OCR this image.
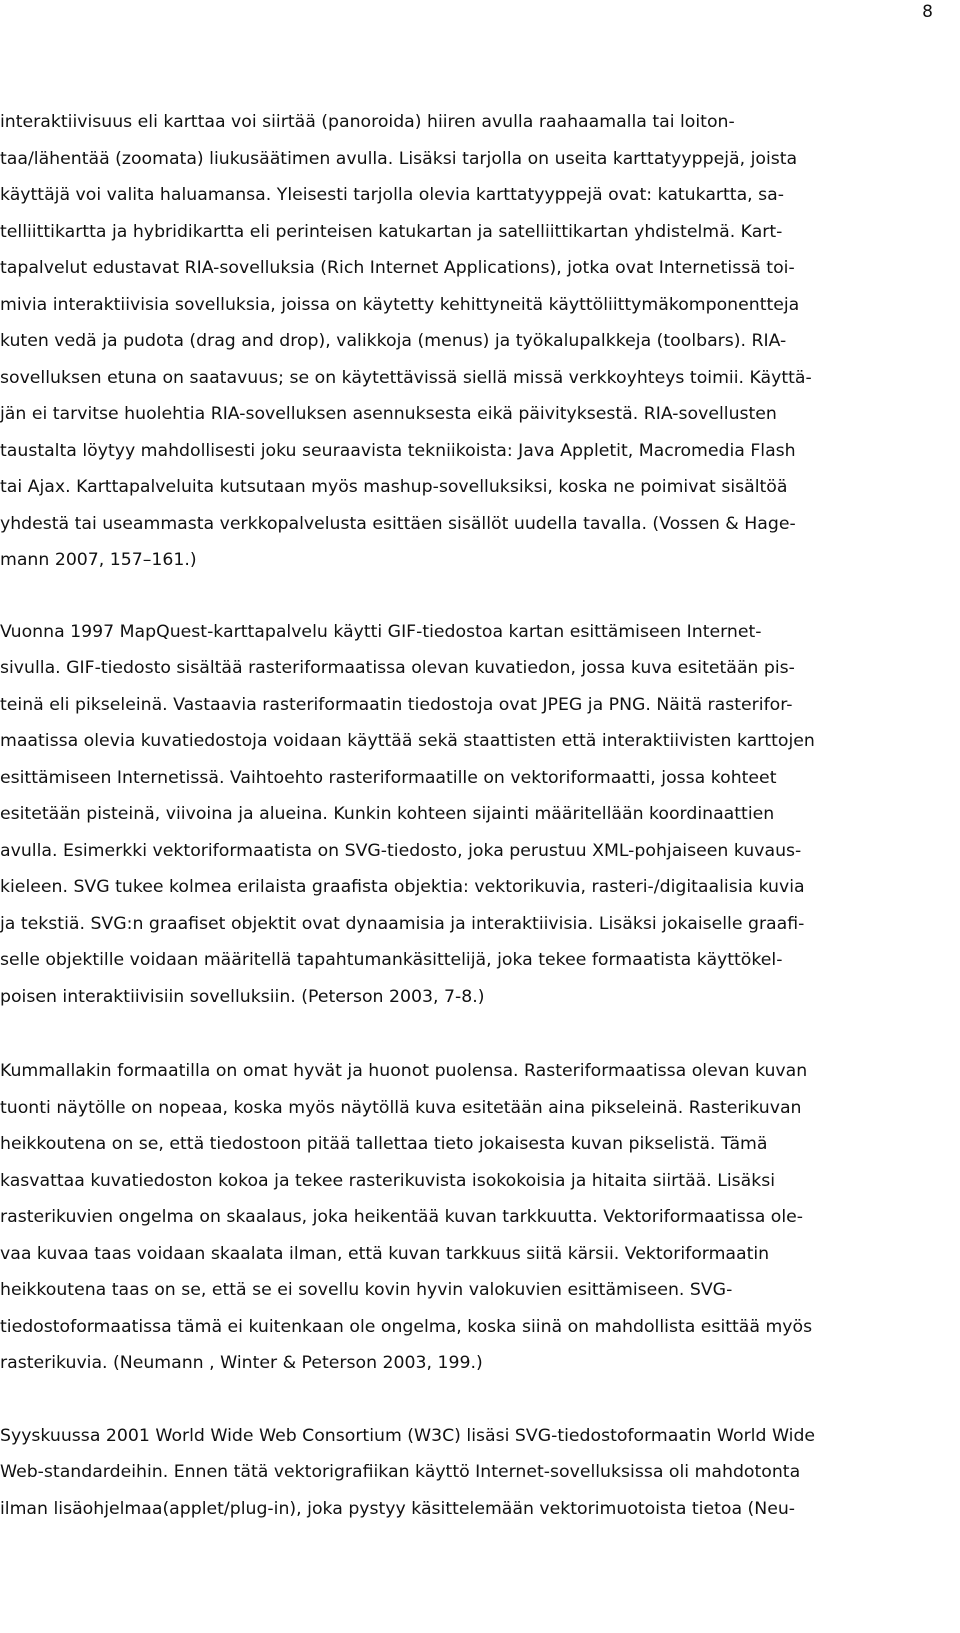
8

interaktiivisuus eli karttaa voi siirtää (panoroida) hiiren avulla raahaamalla tai loiton-
taa/lähentää (zoomata) liukusäätimen avulla. Lisäksi tarjolla on useita karttatyyppejä, joista
käyttäjä voi valita haluamansa. Yleisesti tarjolla olevia karttatyyppejä ovat: katukartta, sa-
telliittikartta ja hybridikartta eli perinteisen katukartan ja satelliittikartan yhdistelmä. Kart-
tapalvelut edustavat RIA-sovelluksia (Rich Internet Applications), jotka ovat Internetissä toi-
mivia interaktiivisia sovelluksia, joissa on käytetty kehittyneitä käyttöliittymäkomponentteja
kuten vedä ja pudota (drag and drop), valikkoja (menus) ja työkalupalkkeja (toolbars). RIA-
sovelluksen etuna on saatavuus; se on käytettävissä siellä missä verkkoyhteys toimii. Käyttä-
jän ei tarvitse huolehtia RIA-sovelluksen asennuksesta eikä päivityksestä. RIA-sovellusten
taustalta löytyy mahdollisesti joku seuraavista tekniikoista: Java Appletit, Macromedia Flash
tai Ajax. Karttapalveluita kutsutaan myös mashup-sovelluksiksi, koska ne poimivat sisältöä
yhdestä tai useammasta verkkopalvelusta esittäen sisällöt uudella tavalla. (Vossen & Hage-
mann 2007, 157–161.)

Vuonna 1997 MapQuest-karttapalvelu käytti GIF-tiedostoa kartan esittämiseen Internet-
sivulla. GIF-tiedosto sisältää rasteriformaatissa olevan kuvatiedon, jossa kuva esitetään pis-
teinä eli pikseleinä. Vastaavia rasteriformaatin tiedostoja ovat JPEG ja PNG. Näitä rasterifor-
maatissa olevia kuvatiedostoja voidaan käyttää sekä staattisten että interaktiivisten karttojen
esittämiseen Internetissä. Vaihtoehto rasteriformaatille on vektoriformaatti, jossa kohteet
esitetään pisteinä, viivoina ja alueina. Kunkin kohteen sijainti määritellään koordinaattien
avulla. Esimerkki vektoriformaatista on SVG-tiedosto, joka perustuu XML-pohjaiseen kuvaus-
kieleen. SVG tukee kolmea erilaista graafista objektia: vektorikuvia, rasteri-/digitaalisia kuvia
ja tekstiä. SVG:n graafiset objektit ovat dynaamisia ja interaktiivisia. Lisäksi jokaiselle graafi-
selle objektille voidaan määritellä tapahtumankäsittelijä, joka tekee formaatista käyttökel-
poisen interaktiivisiin sovelluksiin. (Peterson 2003, 7-8.)

Kummallakin formaatilla on omat hyvät ja huonot puolensa. Rasteriformaatissa olevan kuvan
tuonti näytölle on nopeaa, koska myös näytöllä kuva esitetään aina pikseleinä. Rasterikuvan
heikkoutena on se, että tiedostoon pitää tallettaa tieto jokaisesta kuvan pikselistä. Tämä
kasvattaa kuvatiedoston kokoa ja tekee rasterikuvista isokokoisia ja hitaita siirtää. Lisäksi
rasterikuvien ongelma on skaalaus, joka heikentää kuvan tarkkuutta. Vektoriformaatissa ole-
vaa kuvaa taas voidaan skaalata ilman, että kuvan tarkkuus siitä kärsii. Vektoriformaatin
heikkoutena taas on se, että se ei sovellu kovin hyvin valokuvien esittämiseen. SVG-
tiedostoformaatissa tämä ei kuitenkaan ole ongelma, koska siinä on mahdollista esittää myös
rasterikuvia. (Neumann , Winter & Peterson 2003, 199.)

Syyskuussa 2001 World Wide Web Consortium (W3C) lisäsi SVG-tiedostoformaatin World Wide
Web-standardeihin. Ennen tätä vektorigrafiikan käyttö Internet-sovelluksissa oli mahdotonta
ilman lisäohjelmaa(applet/plug-in), joka pystyy käsittelemään vektorimuotoista tietoa (Neu-
